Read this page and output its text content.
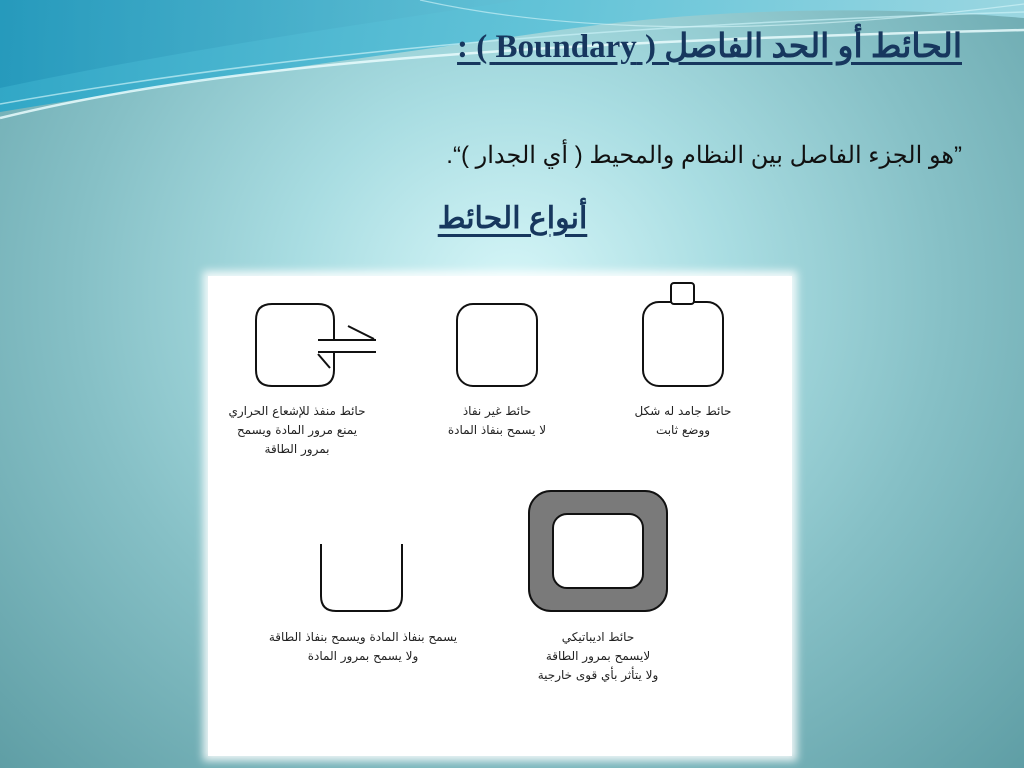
الحائط أو الحد الفاصل ( Boundary ) :

”هو الجزء الفاصل بين النظام والمحيط ( أي الجدار )“.

أنواع الحائط

حائط جامد له شكل
ووضع ثابت

حائط غير نفاذ
لا يسمح بنفاذ المادة

حائط منفذ للإشعاع الحراري
يمنع مرور المادة ويسمح
بمرور الطاقة

حائط اديباتيكي
لايسمح بمرور الطاقة
ولا يتأثر بأي قوى خارجية

يسمح بنفاذ المادة ويسمح بنفاذ الطاقة
ولا يسمح بمرور المادة
